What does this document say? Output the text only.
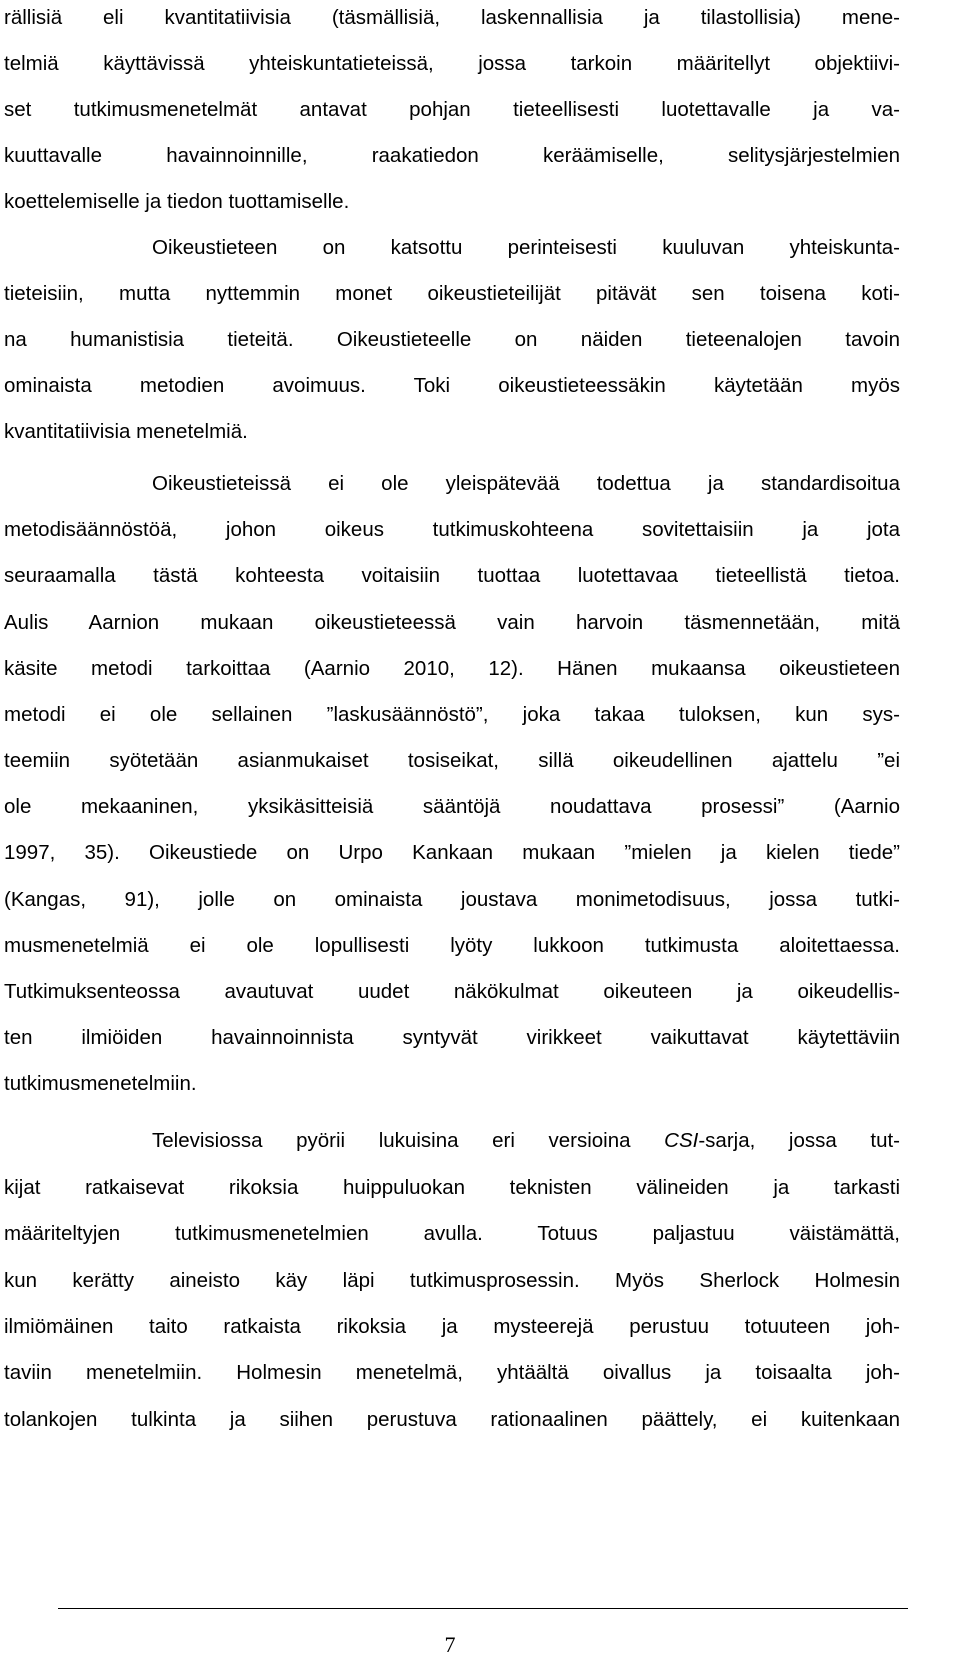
rällisiä eli kvantitatiivisia (täsmällisiä, laskennallisia ja tilastollisia) mene-
telmiä käyttävissä yhteiskuntatieteissä, jossa tarkoin määritellyt objektiivi-
set tutkimusmenetelmät antavat pohjan tieteellisesti luotettavalle ja va-
kuuttavalle havainnoinnille, raakatiedon keräämiselle, selitysjärjestelmien
koettelemiselle ja tiedon tuottamiselle.
Oikeustieteen on katsottu perinteisesti kuuluvan yhteiskunta-
tieteisiin, mutta nyttemmin monet oikeustieteilijät pitävät sen toisena koti-
na humanistisia tieteitä. Oikeustieteelle on näiden tieteenalojen tavoin
ominaista metodien avoimuus. Toki oikeustieteessäkin käytetään myös
kvantitatiivisia menetelmiä.
Oikeustieteissä ei ole yleispätevää todettua ja standardisoitua
metodisäännöstöä, johon oikeus tutkimuskohteena sovitettaisiin ja jota
seuraamalla tästä kohteesta voitaisiin tuottaa luotettavaa tieteellistä tietoa.
Aulis Aarnion mukaan oikeustieteessä vain harvoin täsmennetään, mitä
käsite metodi tarkoittaa (Aarnio 2010, 12). Hänen mukaansa oikeustieteen
metodi ei ole sellainen ”laskusäännöstö”, joka takaa tuloksen, kun sys-
teemiin syötetään asianmukaiset tosiseikat, sillä oikeudellinen ajattelu ”ei
ole mekaaninen, yksikäsitteisiä sääntöjä noudattava prosessi” (Aarnio
1997, 35). Oikeustiede on Urpo Kankaan mukaan ”mielen ja kielen tiede”
(Kangas, 91), jolle on ominaista joustava monimetodisuus, jossa tutki-
musmenetelmiä ei ole lopullisesti lyöty lukkoon tutkimusta aloitettaessa.
Tutkimuksenteossa avautuvat uudet näkökulmat oikeuteen ja oikeudellis-
ten ilmiöiden havainnoinnista syntyvät virikkeet vaikuttavat käytettäviin
tutkimusmenetelmiin.
Televisiossa pyörii lukuisina eri versioina CSI-sarja, jossa tut-
kijat ratkaisevat rikoksia huippuluokan teknisten välineiden ja tarkasti
määriteltyjen tutkimusmenetelmien avulla. Totuus paljastuu väistämättä,
kun kerätty aineisto käy läpi tutkimusprosessin. Myös Sherlock Holmesin
ilmiömäinen taito ratkaista rikoksia ja mysteerejä perustuu totuuteen joh-
taviin menetelmiin. Holmesin menetelmä, yhtäältä oivallus ja toisaalta joh-
tolankojen tulkinta ja siihen perustuva rationaalinen päättely, ei kuitenkaan
7
